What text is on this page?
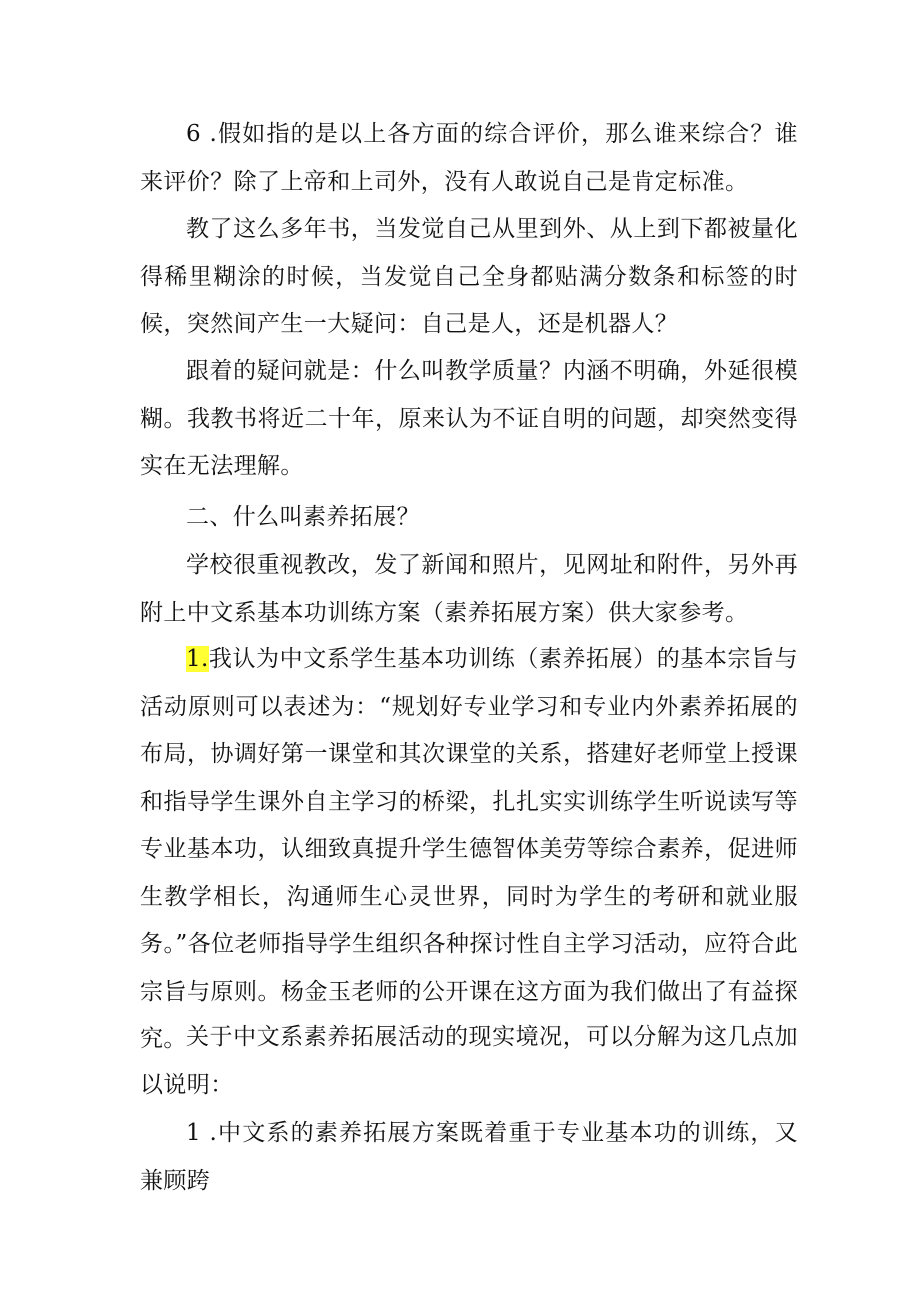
6 .假如指的是以上各方面的综合评价，那么谁来综合？谁来评价？除了上帝和上司外，没有人敢说自己是肯定标准。

教了这么多年书，当发觉自己从里到外、从上到下都被量化得稀里糊涂的时候，当发觉自己全身都贴满分数条和标签的时候，突然间产生一大疑问：自己是人，还是机器人？

跟着的疑问就是：什么叫教学质量？内涵不明确，外延很模糊。我教书将近二十年，原来认为不证自明的问题，却突然变得实在无法理解。

二、什么叫素养拓展？

学校很重视教改，发了新闻和照片，见网址和附件，另外再附上中文系基本功训练方案（素养拓展方案）供大家参考。

1.我认为中文系学生基本功训练（素养拓展）的基本宗旨与活动原则可以表述为：“规划好专业学习和专业内外素养拓展的布局，协调好第一课堂和其次课堂的关系，搭建好老师堂上授课和指导学生课外自主学习的桥梁，扎扎实实训练学生听说读写等专业基本功，认细致真提升学生德智体美劳等综合素养，促进师生教学相长，沟通师生心灵世界，同时为学生的考研和就业服务。”各位老师指导学生组织各种探讨性自主学习活动，应符合此宗旨与原则。杨金玉老师的公开课在这方面为我们做出了有益探究。 关于中文系素养拓展活动的现实境况，可以分解为这几点加以说明：

1 .中文系的素养拓展方案既着重于专业基本功的训练，又兼顾跨
